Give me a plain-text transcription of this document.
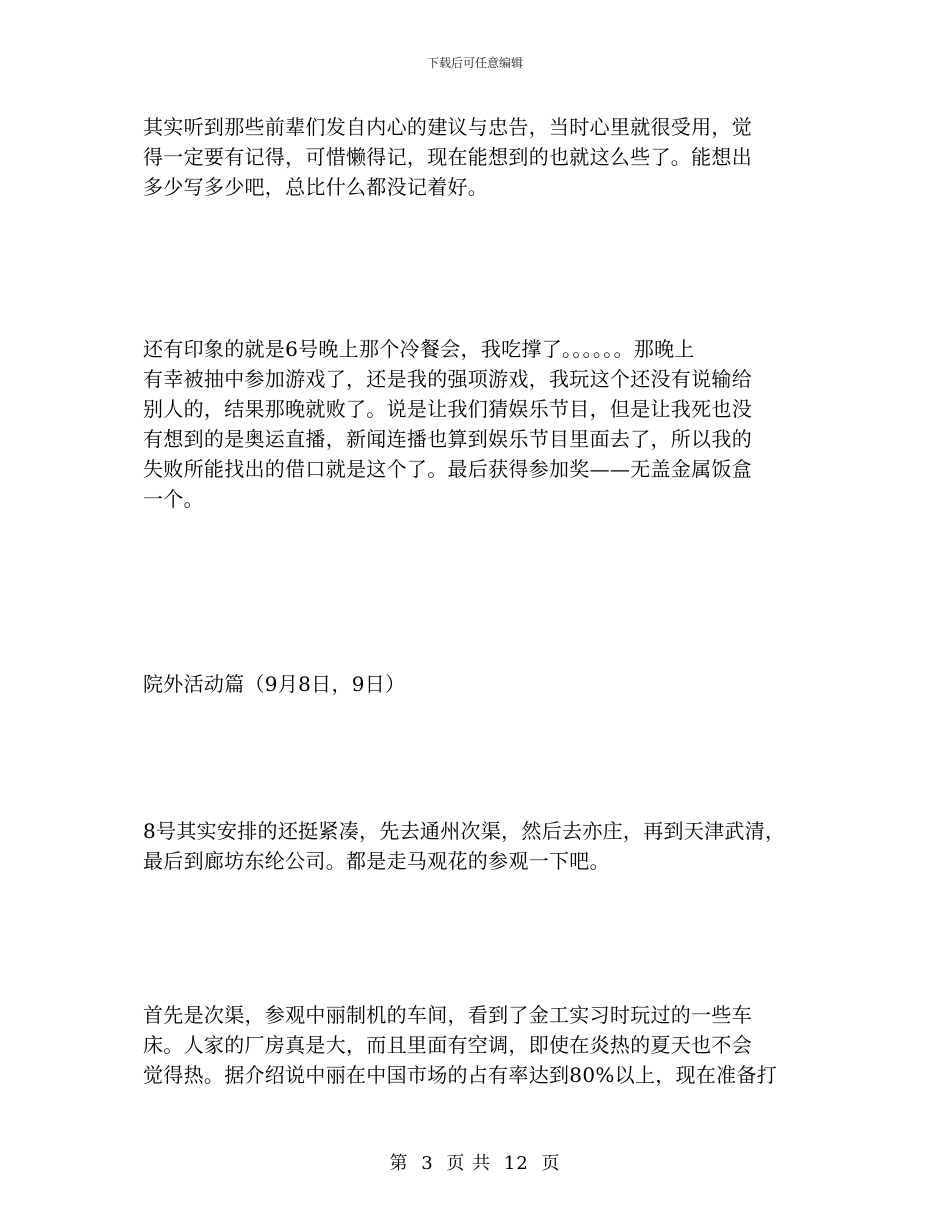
下载后可任意编辑

其实听到那些前辈们发自内心的建议与忠告，当时心里就很受用，觉
得一定要有记得，可惜懒得记，现在能想到的也就这么些了。能想出
多少写多少吧，总比什么都没记着好。

还有印象的就是6号晚上那个冷餐会，我吃撑了。。。。。。那晚上
有幸被抽中参加游戏了，还是我的强项游戏，我玩这个还没有说输给
别人的，结果那晚就败了。说是让我们猜娱乐节目，但是让我死也没
有想到的是奥运直播，新闻连播也算到娱乐节目里面去了，所以我的
失败所能找出的借口就是这个了。最后获得参加奖——无盖金属饭盒
一个。

院外活动篇（9月8日，9日）

8号其实安排的还挺紧凑，先去通州次渠，然后去亦庄，再到天津武清，
最后到廊坊东纶公司。都是走马观花的参观一下吧。

首先是次渠，参观中丽制机的车间，看到了金工实习时玩过的一些车
床。人家的厂房真是大，而且里面有空调，即使在炎热的夏天也不会
觉得热。据介绍说中丽在中国市场的占有率达到80%以上，现在准备打

第 3 页 共 12 页
